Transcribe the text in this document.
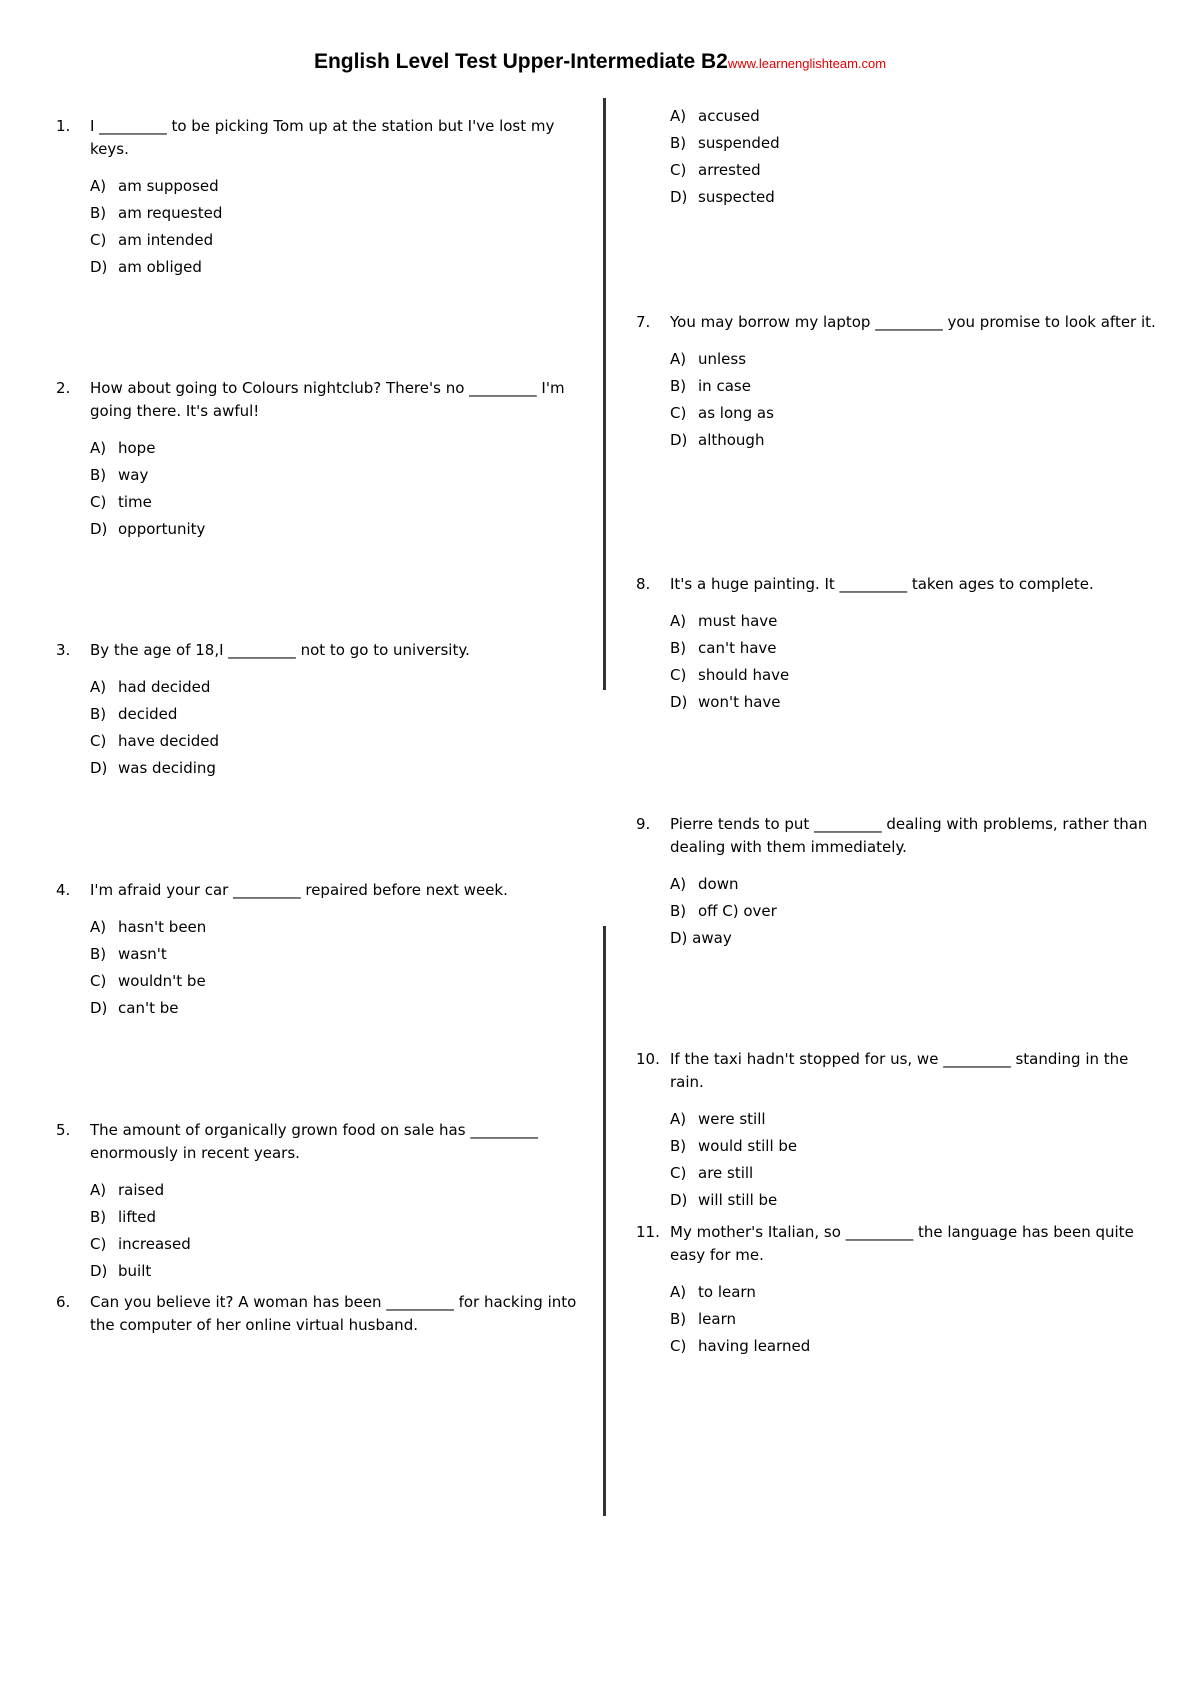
English Level Test Upper-Intermediate B2www.learnenglishteam.com
1. I _________ to be picking Tom up at the station but I've lost my keys.
A) am supposed
B) am requested
C) am intended
D) am obliged
2. How about going to Colours nightclub? There's no _________ I'm going there. It's awful!
A) hope
B) way
C) time
D) opportunity
3. By the age of 18,I _________ not to go to university.
A) had decided
B) decided
C) have decided
D) was deciding
4. I'm afraid your car _________ repaired before next week.
A) hasn't been
B) wasn't
C) wouldn't be
D) can't be
5. The amount of organically grown food on sale has _________ enormously in recent years.
A) raised
B) lifted
C) increased
D) built
6. Can you believe it? A woman has been _________ for hacking into the computer of her online virtual husband.
A) accused
B) suspended
C) arrested
D) suspected
7. You may borrow my laptop _________ you promise to look after it.
A) unless
B) in case
C) as long as
D) although
8. It's a huge painting. It _________ taken ages to complete.
A) must have
B) can't have
C) should have
D) won't have
9. Pierre tends to put _________ dealing with problems, rather than dealing with them immediately.
A) down
B) off C) over
D) away
10. If the taxi hadn't stopped for us, we _________ standing in the rain.
A) were still
B) would still be
C) are still
D) will still be
11. My mother's Italian, so _________ the language has been quite easy for me.
A) to learn
B) learn
C) having learned
